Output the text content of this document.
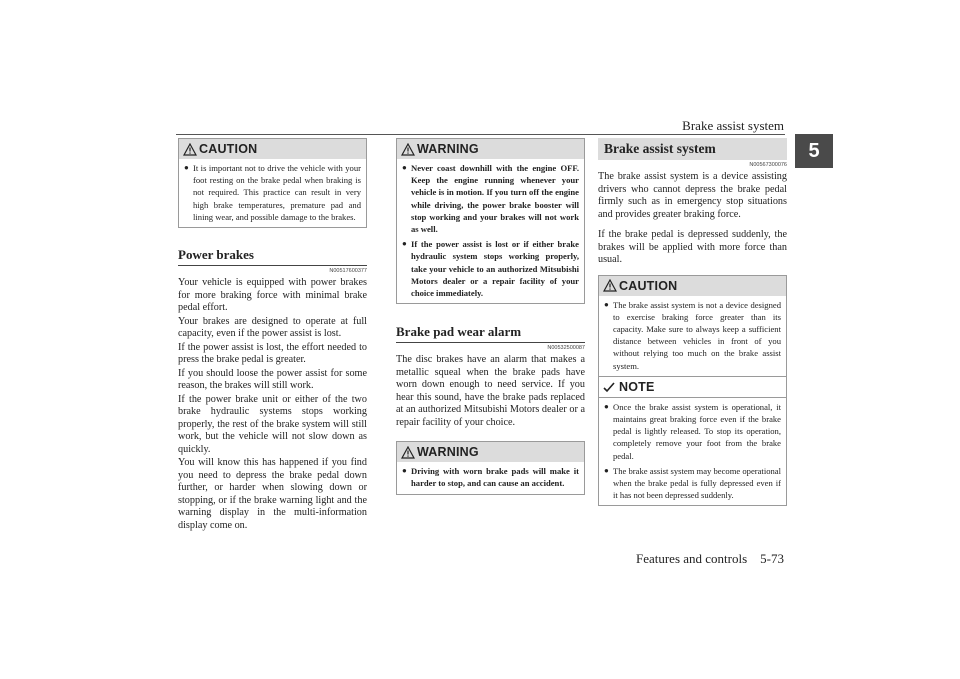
Brake assist system
5
Features and controls    5-73
CAUTION
● It is important not to drive the vehicle with your foot resting on the brake pedal when braking is not required. This practice can result in very high brake temperatures, premature pad and lining wear, and possible damage to the brakes.
Power brakes
N00517600377

Your vehicle is equipped with power brakes for more braking force with minimal brake pedal effort.

Your brakes are designed to operate at full capacity, even if the power assist is lost.

If the power assist is lost, the effort needed to press the brake pedal is greater.

If you should loose the power assist for some reason, the brakes will still work.

If the power brake unit or either of the two brake hydraulic systems stops working properly, the rest of the brake system will still work, but the vehicle will not slow down as quickly.

You will know this has happened if you find you need to depress the brake pedal down further, or harder when slowing down or stopping, or if the brake warning light and the warning display in the multi-information display come on.

WARNING
● Never coast downhill with the engine OFF. Keep the engine running whenever your vehicle is in motion. If you turn off the engine while driving, the power brake booster will stop working and your brakes will not work as well.
● If the power assist is lost or if either brake hydraulic system stops working properly, take your vehicle to an authorized Mitsubishi Motors dealer or a repair facility of your choice immediately.
Brake pad wear alarm
N00532500087

The disc brakes have an alarm that makes a metallic squeal when the brake pads have worn down enough to need service. If you hear this sound, have the brake pads replaced at an authorized Mitsubishi Motors dealer or a repair facility of your choice.

WARNING
● Driving with worn brake pads will make it harder to stop, and can cause an accident.
Brake assist system
N00567300076

The brake assist system is a device assisting drivers who cannot depress the brake pedal firmly such as in emergency stop situations and provides greater braking force.

If the brake pedal is depressed suddenly, the brakes will be applied with more force than usual.

CAUTION
● The brake assist system is not a device designed to exercise braking force greater than its capacity. Make sure to always keep a sufficient distance between vehicles in front of you without relying too much on the brake assist system.
NOTE
● Once the brake assist system is operational, it maintains great braking force even if the brake pedal is lightly released. To stop its operation, completely remove your foot from the brake pedal.
● The brake assist system may become operational when the brake pedal is fully depressed even if it has not been depressed suddenly.
